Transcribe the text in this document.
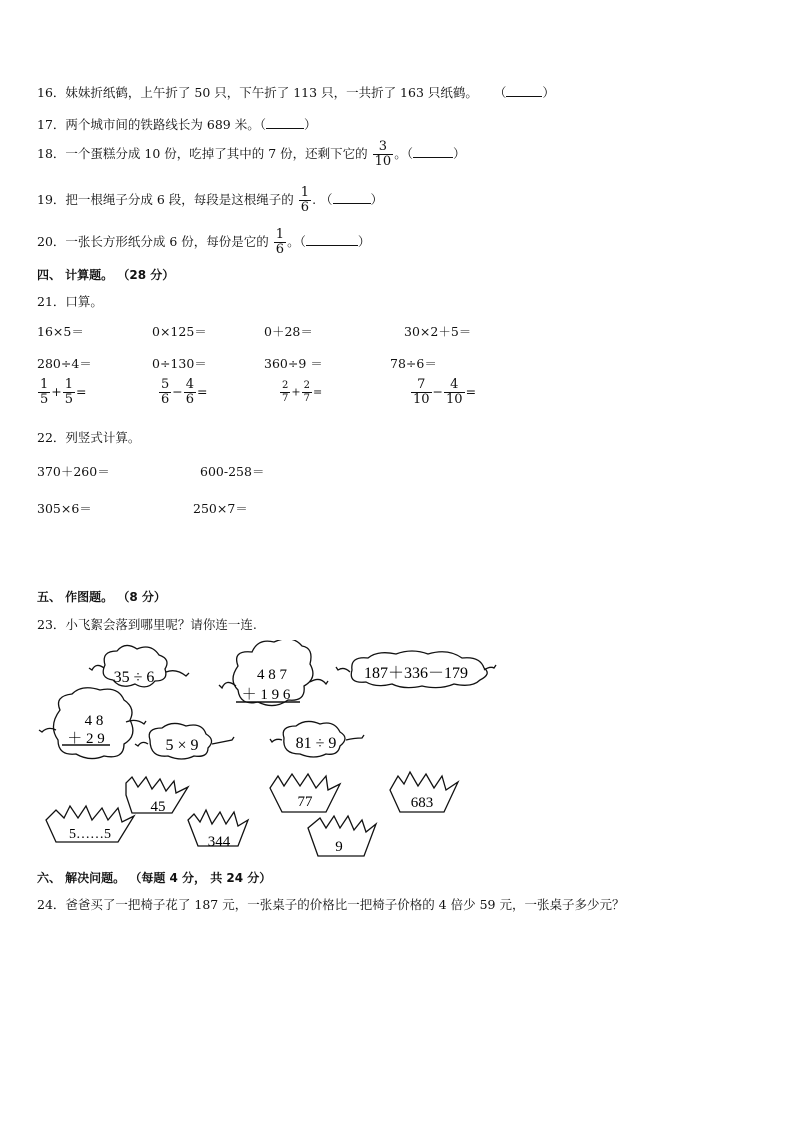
16．妹妹折纸鹤，上午折了 50 只，下午折了 113 只，一共折了 163 只纸鹤。 （	）
17．两个城市间的铁路线长为 689 米。（	）
18．一个蛋糕分成 10 份，吃掉了其中的 7 份，还剩下它的 $\frac{3}{10}$ 。（	）
19．把一根绳子分成 6 段，每段是这根绳子的 $\frac{1}{6}$ . （	）
20．一张长方形纸分成 6 份，每份是它的 $\frac{1}{6}$ 。（	）
四、 计算题。 （28 分）
21．口算。
16×5＝	0×125＝	0＋28＝	30×2＋5＝
280÷4＝	0÷130＝	360÷9 ＝	78÷6＝
$\frac{1}{5} + \frac{1}{5}$ =	$\frac{5}{6} - \frac{4}{6}$ =	$\frac{2}{7} + \frac{2}{7}$ =	$\frac{7}{10} - \frac{4}{10}$ =
22．列竖式计算。
370＋260＝	600-258＝
305×6＝	250×7＝
五、 作图题。 （8 分）
23．小飞絮会落到哪里呢？请你连一连.
35 ÷ 6	4 8 7
＋ 1 9 6
187＋336－179
4 8
＋ 2 9	5 × 9	81 ÷ 9
45	77	683
5……5	344	9
六、 解决问题。 （每题 4 分， 共 24 分）
24．爸爸买了一把椅子花了 187 元，一张桌子的价格比一把椅子价格的 4 倍少 59 元，一张桌子多少元？
